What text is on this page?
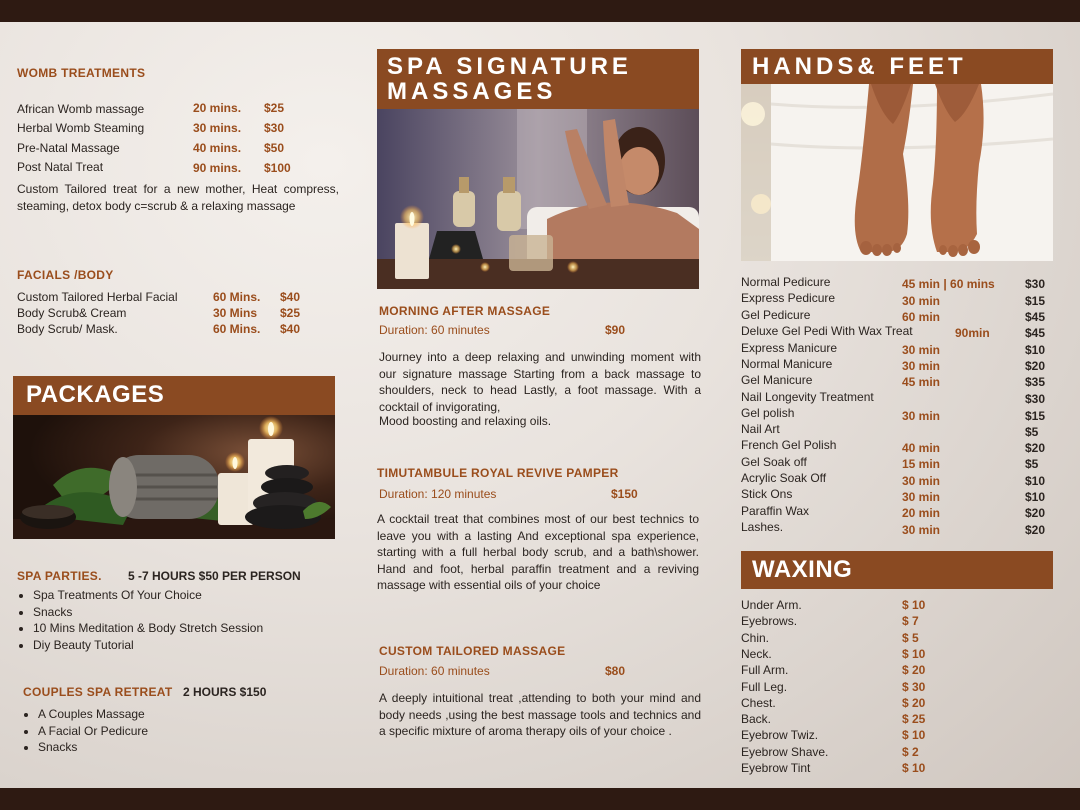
WOMB TREATMENTS
African Womb massage	20 mins. $25
Herbal Womb Steaming	30 mins. $30
Pre-Natal Massage	40 mins. $50
Post Natal Treat	90 mins. $100
Custom Tailored treat for a new mother, Heat compress, steaming, detox body c=scrub & a relaxing massage
FACIALS /BODY
Custom Tailored Herbal Facial	60 Mins. $40
Body Scrub& Cream	30 Mins $25
Body Scrub/ Mask.	60 Mins. $40
PACKAGES
SPA PARTIES. 5 -7 HOURS $50 PER PERSON
• Spa Treatments Of Your Choice
• Snacks
• 10 Mins Meditation & Body Stretch Session
• Diy Beauty Tutorial
COUPLES SPA RETREAT 2 HOURS $150
• A Couples Massage
• A Facial Or Pedicure
• Snacks
SPA SIGNATURE
MASSAGES
MORNING AFTER MASSAGE
Duration: 60 minutes	$90
Journey into a deep relaxing and unwinding moment with our signature massage Starting from a back massage to shoulders, neck to head Lastly, a foot massage. With a cocktail of invigorating,
Mood boosting and relaxing oils.
TIMUTAMBULE ROYAL REVIVE PAMPER
Duration: 120 minutes	$150
A cocktail treat that combines most of our best technics to leave you with a lasting And exceptional spa experience, starting with a full herbal body scrub, and a bath\shower. Hand and foot, herbal paraffin treatment and a reviving massage with essential oils of your choice
CUSTOM TAILORED MASSAGE
Duration: 60 minutes	$80
A deeply intuitional treat ,attending to both your mind and body needs ,using the best massage tools and technics and a specific mixture of aroma therapy oils of your choice .
HANDS& FEET
Normal Pedicure	45 min | 60 mins	$30
Express Pedicure	30 min	$15
Gel Pedicure	60 min	$45
Deluxe Gel Pedi With Wax Treat	90min	$45
Express Manicure	30 min	$10
Normal Manicure	30 min	$20
Gel Manicure	45 min	$35
Nail Longevity Treatment	$30
Gel polish	30 min	$15
Nail Art	$5
French Gel Polish	40 min	$20
Gel Soak off	15 min	$5
Acrylic Soak Off	30 min	$10
Stick Ons	30 min	$10
Paraffin Wax	20 min	$20
Lashes.	30 min	$20
WAXING
Under Arm.	$ 10
Eyebrows.	$ 7
Chin.	$ 5
Neck.	$ 10
Full Arm.	$ 20
Full Leg.	$ 30
Chest.	$ 20
Back.	$ 25
Eyebrow Twiz.	$ 10
Eyebrow Shave.	$ 2
Eyebrow Tint	$ 10
